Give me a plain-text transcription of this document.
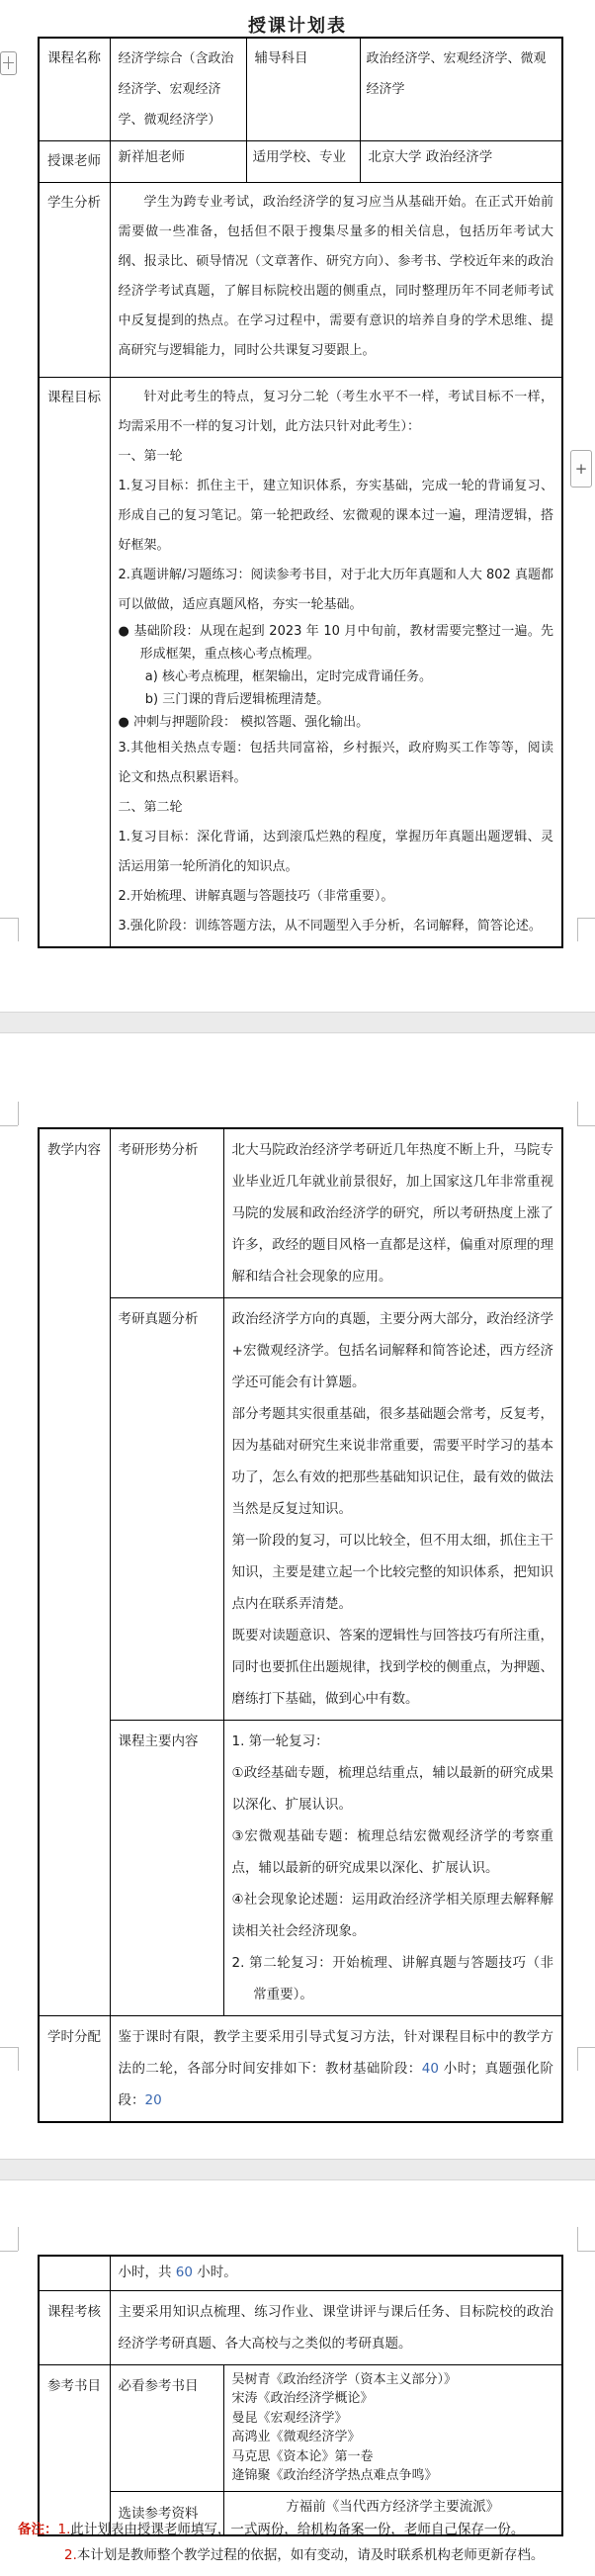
授课计划表
课程名称	经济学综合（含政治经济学、宏观经济学、微观经济学）	辅导科目	政治经济学、宏观经济学、微观经济学
授课老师	新祥旭老师	适用学校、专业	北京大学 政治经济学
学生分析	学生为跨专业考试，政治经济学的复习应当从基础开始。在正式开始前需要做一些准备，包括但不限于搜集尽量多的相关信息，包括历年考试大纲、报录比、硕导情况（文章著作、研究方向）、参考书、学校近年来的政治经济学考试真题，了解目标院校出题的侧重点，同时整理历年不同老师考试中反复提到的热点。在学习过程中，需要有意识的培养自身的学术思维、提高研究与逻辑能力，同时公共课复习要跟上。		

课程目标	针对此考生的特点，复习分二轮（考生水平不一样，考试目标不一样，均需采用不一样的复习计划，此方法只针对此考生）：

一、第一轮

1.复习目标：抓住主干，建立知识体系，夯实基础，完成一轮的背诵复习、形成自己的复习笔记。第一轮把政经、宏微观的课本过一遍，理清逻辑，搭好框架。

2.真题讲解/习题练习：阅读参考书目，对于北大历年真题和人大 802 真题都可以做做，适应真题风格，夯实一轮基础。

● 基础阶段：从现在起到 2023 年 10 月中旬前，教材需要完整过一遍。先形成框架，重点核心考点梳理。

a) 核心考点梳理，框架输出，定时完成背诵任务。

b) 三门课的背后逻辑梳理清楚。

● 冲刺与押题阶段： 模拟答题、强化输出。

3.其他相关热点专题：包括共同富裕，乡村振兴，政府购买工作等等，阅读论文和热点积累语料。

二、第二轮

1.复习目标：深化背诵，达到滚瓜烂熟的程度，掌握历年真题出题逻辑、灵活运用第一轮所消化的知识点。

2.开始梳理、讲解真题与答题技巧（非常重要）。

3.强化阶段：训练答题方法，从不同题型入手分析，名词解释，简答论述。

+
教学内容	考研形势分析	北大马院政治经济学考研近几年热度不断上升，马院专业毕业近几年就业前景很好，加上国家这几年非常重视马院的发展和政治经济学的研究，所以考研热度上涨了许多，政经的题目风格一直都是这样，偏重对原理的理解和结合社会现象的应用。

	考研真题分析	政治经济学方向的真题，主要分两大部分，政治经济学+宏微观经济学。包括名词解释和简答论述，西方经济学还可能会有计算题。

部分考题其实很重基础，很多基础题会常考，反复考，因为基础对研究生来说非常重要，需要平时学习的基本功了，怎么有效的把那些基础知识记住，最有效的做法当然是反复过知识。

第一阶段的复习，可以比较全，但不用太细，抓住主干知识，主要是建立起一个比较完整的知识体系，把知识点内在联系弄清楚。

既要对读题意识、答案的逻辑性与回答技巧有所注重，同时也要抓住出题规律，找到学校的侧重点，为押题、磨练打下基础，做到心中有数。

	课程主要内容	1. 第一轮复习：

①政经基础专题，梳理总结重点，辅以最新的研究成果以深化、扩展认识。

③宏微观基础专题：梳理总结宏微观经济学的考察重点，辅以最新的研究成果以深化、扩展认识。

④社会现象论述题：运用政治经济学相关原理去解释解读相关社会经济现象。

2. 第二轮复习：开始梳理、讲解真题与答题技巧（非常重要）。

学时分配	鉴于课时有限，教学主要采用引导式复习方法，针对课程目标中的教学方法的二轮，各部分时间安排如下：教材基础阶段：40 小时；真题强化阶段：20	

	小时，共 60 小时。	
课程考核	主要采用知识点梳理、练习作业、课堂讲评与课后任务、目标院校的政治经济学考研真题、各大高校与之类似的考研真题。	

参考书目	必看参考书目	吴树青《政治经济学（资本主义部分）》
宋涛《政治经济学概论》
曼昆《宏观经济学》
高鸿业《微观经济学》
马克思《资本论》第一卷
逄锦聚《政治经济学热点难点争鸣》

	选读参考资料	方福前《当代西方经济学主要流派》
备注：1.此计划表由授课老师填写，一式两份，给机构备案一份，老师自己保存一份。
2.本计划是教师整个教学过程的依据，如有变动，请及时联系机构老师更新存档。
